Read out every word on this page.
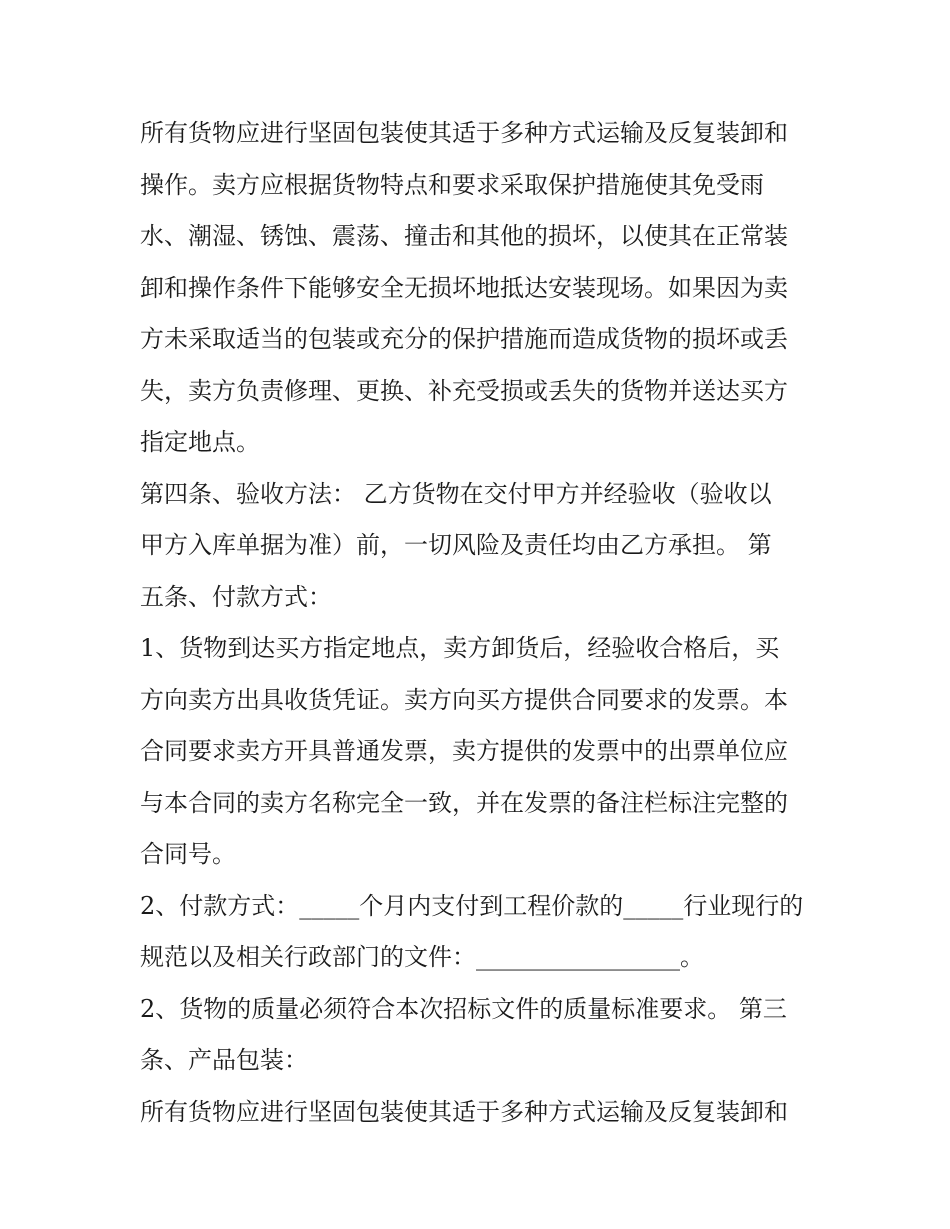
所有货物应进行坚固包装使其适于多种方式运输及反复装卸和
操作。卖方应根据货物特点和要求采取保护措施使其免受雨
水、潮湿、锈蚀、震荡、撞击和其他的损坏，以使其在正常装
卸和操作条件下能够安全无损坏地抵达安装现场。如果因为卖
方未采取适当的包装或充分的保护措施而造成货物的损坏或丢
失，卖方负责修理、更换、补充受损或丢失的货物并送达买方
指定地点。
第四条、验收方法： 乙方货物在交付甲方并经验收（验收以
甲方入库单据为准）前，一切风险及责任均由乙方承担。 第
五条、付款方式：
1、货物到达买方指定地点，卖方卸货后，经验收合格后，买
方向卖方出具收货凭证。卖方向买方提供合同要求的发票。本
合同要求卖方开具普通发票，卖方提供的发票中的出票单位应
与本合同的卖方名称完全一致，并在发票的备注栏标注完整的
合同号。
2、付款方式：_____个月内支付到工程价款的_____行业现行的
规范以及相关行政部门的文件：_________________。
2、货物的质量必须符合本次招标文件的质量标准要求。 第三
条、产品包装：
所有货物应进行坚固包装使其适于多种方式运输及反复装卸和
